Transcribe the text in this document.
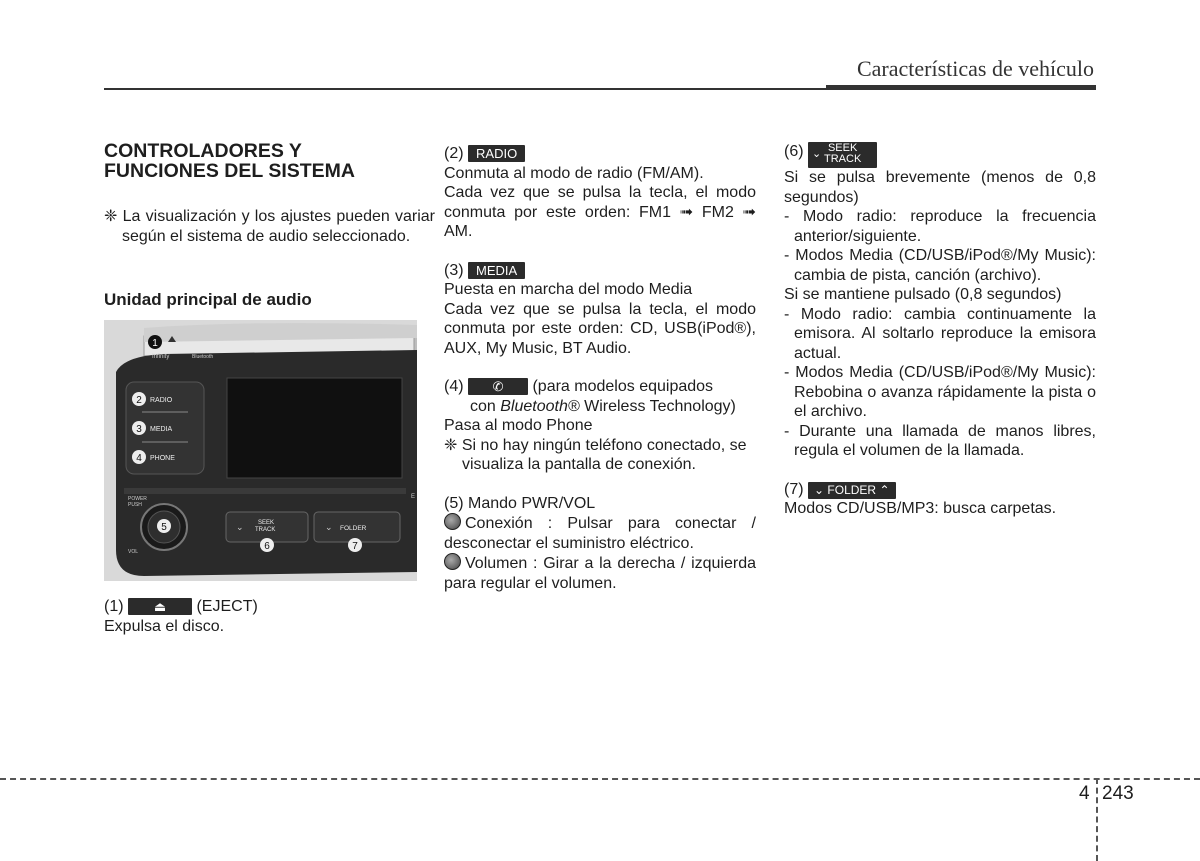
Características de vehículo
CONTROLADORES Y FUNCIONES DEL SISTEMA
❈ La visualización y los ajustes pueden variar según el sistema de audio seleccionado.
Unidad principal de audio
Infinity	Bluetooth
RADIO
MEDIA
PHONE
POWER
PUSH
VOL
SEEK
TRACK	FOLDER
E
⌄	⌄
1
2
3
4
5
6	7

(1) ⏏ (EJECT)

Expulsa el disco.

(2) RADIO

Conmuta al modo de radio (FM/AM).

Cada vez que se pulsa la tecla, el modo conmuta por este orden: FM1 ➟ FM2 ➟ AM.

(3) MEDIA

Puesta en marcha del modo Media

Cada vez que se pulsa la tecla, el modo conmuta por este orden: CD, USB(iPod®), AUX, My Music, BT Audio.

(4) ✆ (para modelos equipados

con Bluetooth® Wireless Technology)

Pasa al modo Phone

❈ Si no hay ningún teléfono conectado, se visualiza la pantalla de conexión.

(5) Mando PWR/VOL

Conexión : Pulsar para conectar / desconectar el suministro eléctrico.

Volumen : Girar a la derecha / izquierda para regular el volumen.

(6) ⌄ SEEK
TRACK
⌃

Si se pulsa brevemente (menos de 0,8 segundos)

- Modo radio: reproduce la frecuencia anterior/siguiente.

- Modos Media (CD/USB/iPod®/My Music): cambia de pista, canción (archivo).

Si se mantiene pulsado (0,8 segundos)

- Modo radio: cambia continuamente la emisora. Al soltarlo reproduce la emisora actual.

- Modos Media (CD/USB/iPod®/My Music): Rebobina o avanza rápidamente la pista o el archivo.

- Durante una llamada de manos libres, regula el volumen de la llamada.

(7) ⌄ FOLDER ⌃

Modos CD/USB/MP3: busca carpetas.

4 243
